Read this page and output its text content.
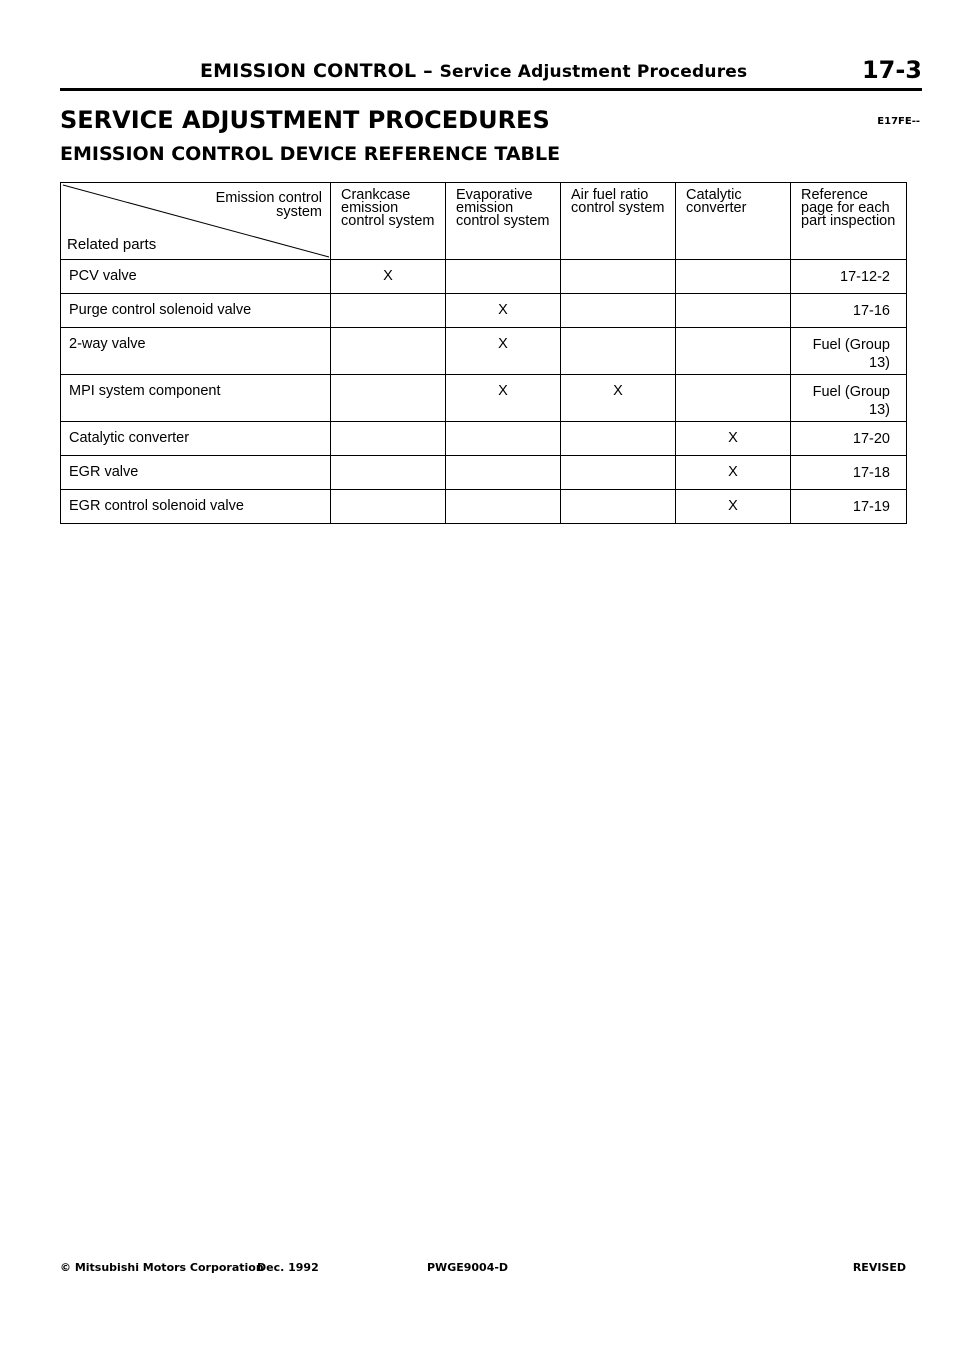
EMISSION CONTROL – Service Adjustment Procedures	17-3
SERVICE ADJUSTMENT PROCEDURES	E17FE--
EMISSION CONTROL DEVICE REFERENCE TABLE
Emission control system
Related parts	Crankcase emission control system	Evaporative emission control system	Air fuel ratio control system	Catalytic converter	Reference page for each part inspection
PCV valve	X				17-12-2
Purge control solenoid valve		X			17-16
2-way valve		X			Fuel (Group 13)
MPI system component		X	X		Fuel (Group 13)
Catalytic converter				X	17-20
EGR valve				X	17-18
EGR control solenoid valve				X	17-19
© Mitsubishi Motors Corporation
Dec. 1992	PWGE9004-D	REVISED
